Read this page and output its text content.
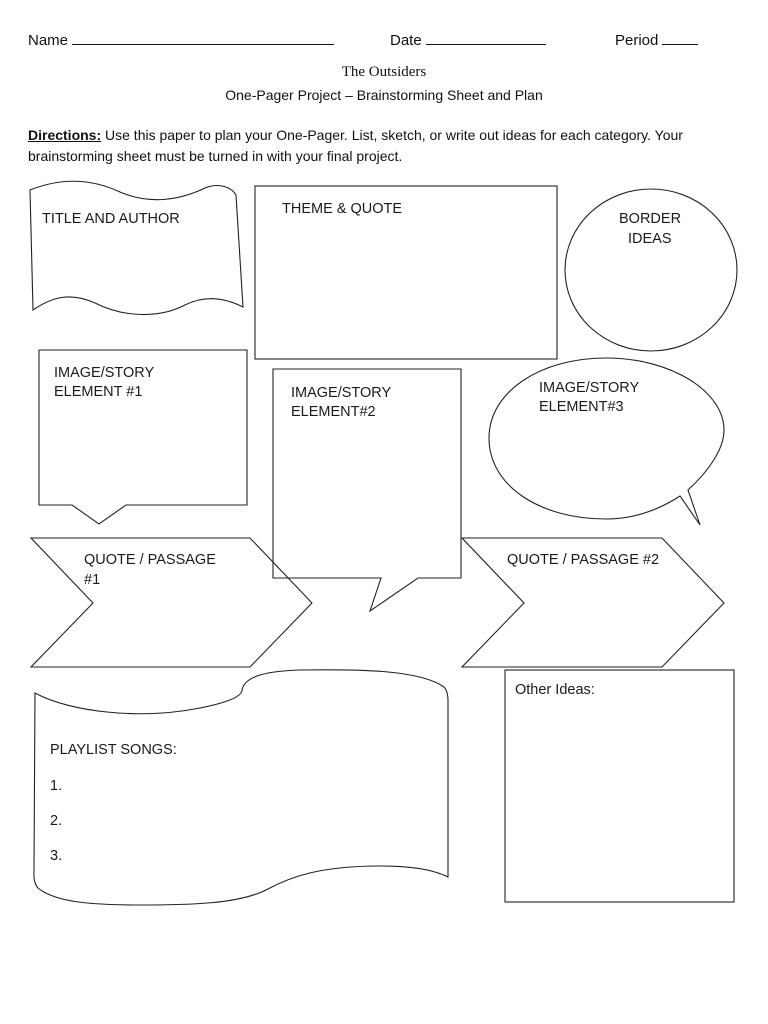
Name	Date	Period
The Outsiders
One-Pager Project – Brainstorming Sheet and Plan
Directions: Use this paper to plan your One-Pager. List, sketch, or write out ideas for each category. Your brainstorming sheet must be turned in with your final project.
TITLE AND AUTHOR
THEME & QUOTE
BORDER
IDEAS
IMAGE/STORY
ELEMENT #1	IMAGE/STORY
ELEMENT#2
IMAGE/STORY
ELEMENT#3
QUOTE / PASSAGE
#1
QUOTE / PASSAGE #2
PLAYLIST SONGS:
1.
2.
3.
Other Ideas:
